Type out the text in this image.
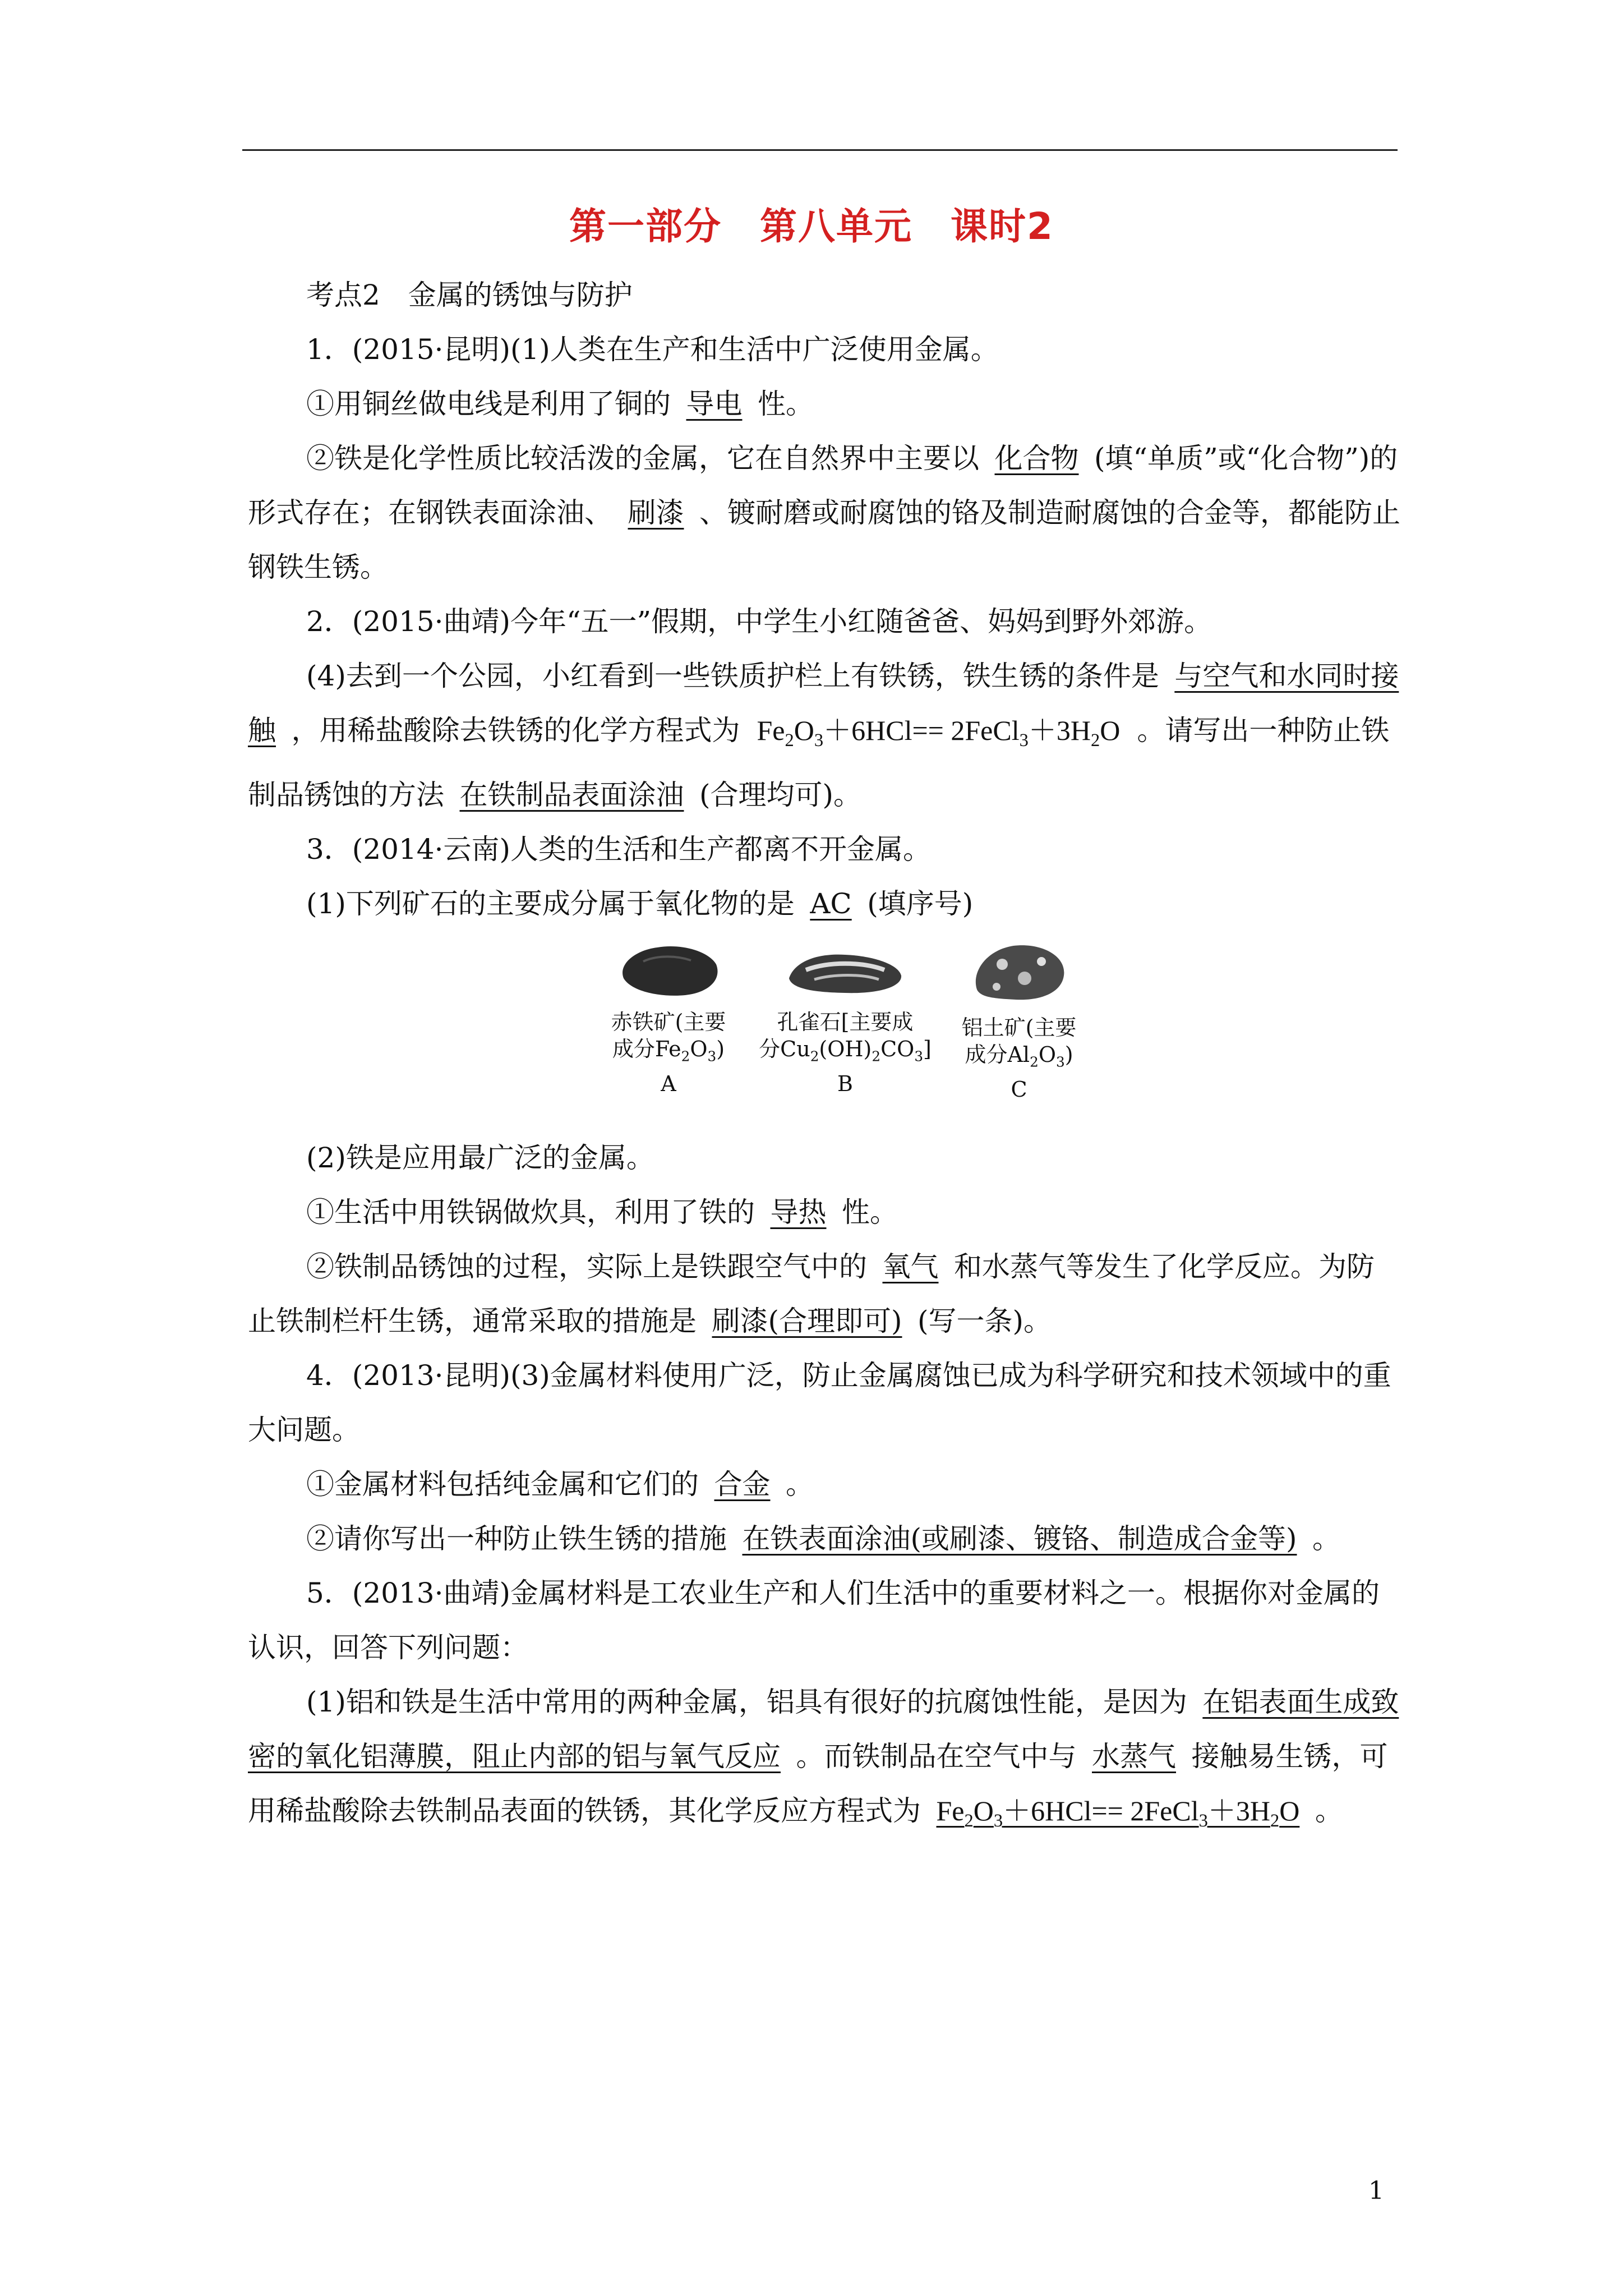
第一部分　第八单元　课时2

考点2　金属的锈蚀与防护

1．(2015·昆明)(1)人类在生产和生活中广泛使用金属。

①用铜丝做电线是利用了铜的 导电 性。

②铁是化学性质比较活泼的金属，它在自然界中主要以 化合物 (填“单质”或“化合物”)的形式存在；在钢铁表面涂油、 刷漆 、镀耐磨或耐腐蚀的铬及制造耐腐蚀的合金等，都能防止钢铁生锈。

2．(2015·曲靖)今年“五一”假期，中学生小红随爸爸、妈妈到野外郊游。

(4)去到一个公园，小红看到一些铁质护栏上有铁锈，铁生锈的条件是 与空气和水同时接触 ，用稀盐酸除去铁锈的化学方程式为 $Fe_2O_3+6HCl==$ $2FeCl_3+3H_2O$ 。请写出一种防止铁制品锈蚀的方法 在铁制品表面涂油 (合理均可)。

3．(2014·云南)人类的生活和生产都离不开金属。

(1)下列矿石的主要成分属于氧化物的是 AC (填序号)

赤铁矿(主要
成分$Fe_2O_3$)
A
孔雀石[主要成
分$Cu_2(OH)_2CO_3$]
B
铝土矿(主要
成分$Al_2O_3$)
C

(2)铁是应用最广泛的金属。

①生活中用铁锅做炊具，利用了铁的 导热 性。

②铁制品锈蚀的过程，实际上是铁跟空气中的 氧气 和水蒸气等发生了化学反应。为防止铁制栏杆生锈，通常采取的措施是 刷漆(合理即可) (写一条)。

4．(2013·昆明)(3)金属材料使用广泛，防止金属腐蚀已成为科学研究和技术领域中的重大问题。

①金属材料包括纯金属和它们的 合金 。

②请你写出一种防止铁生锈的措施 在铁表面涂油(或刷漆、镀铬、制造成合金等) 。

5．(2013·曲靖)金属材料是工农业生产和人们生活中的重要材料之一。根据你对金属的认识，回答下列问题：

(1)铝和铁是生活中常用的两种金属，铝具有很好的抗腐蚀性能，是因为 在铝表面生成致密的氧化铝薄膜，阻止内部的铝与氧气反应 。而铁制品在空气中与 水蒸气 接触易生锈，可用稀盐酸除去铁制品表面的铁锈，其化学反应方程式为 $Fe_2O_3+6HCl==$ $2FeCl_3+3H_2O$ 。

1
